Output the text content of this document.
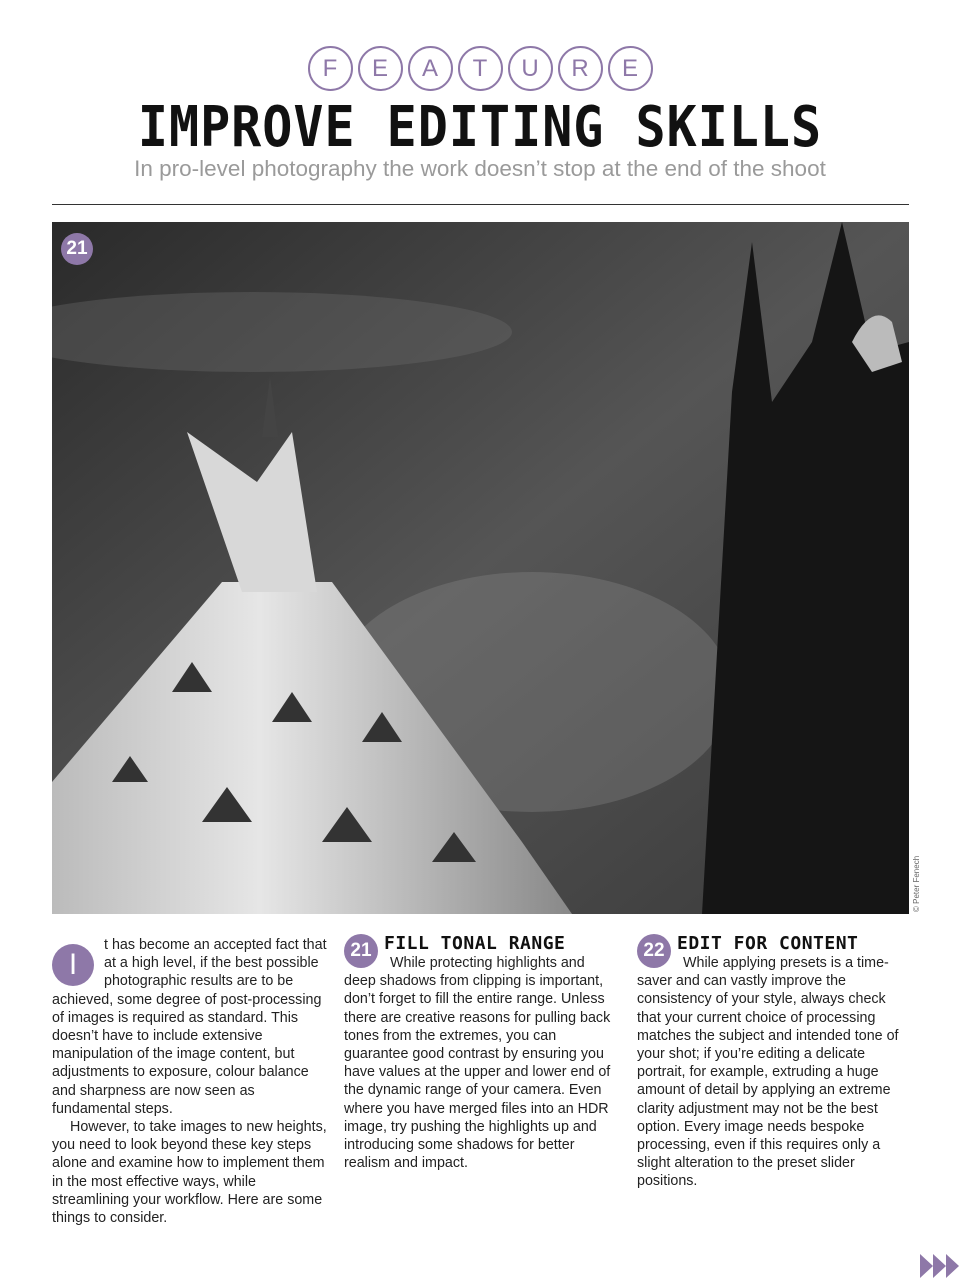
F	E	A	T	U	R	E
IMPROVE EDITING SKILLS
In pro-level photography the work doesn’t stop at the end of the shoot
21
© Peter Fenech
I

t has become an accepted fact that at a high level, if the best possible photographic results are to be achieved, some degree of post-processing of images is required as standard. This doesn’t have to include extensive manipulation of the image content, but adjustments to exposure, colour balance and sharpness are now seen as fundamental steps.

However, to take images to new heights, you need to look beyond these key steps alone and examine how to implement them in the most effective ways, while streamlining your workflow. Here are some things to consider.

21 FILL TONAL RANGE

While protecting highlights and deep shadows from clipping is important, don’t forget to fill the entire range. Unless there are creative reasons for pulling back tones from the extremes, you can guarantee good contrast by ensuring you have values at the upper and lower end of the dynamic range of your camera. Even where you have merged files into an HDR image, try pushing the highlights up and introducing some shadows for better realism and impact.

22 EDIT FOR CONTENT

While applying presets is a time-saver and can vastly improve the consistency of your style, always check that your current choice of processing matches the subject and intended tone of your shot; if you’re editing a delicate portrait, for example, extruding a huge amount of detail by applying an extreme clarity adjustment may not be the best option. Every image needs bespoke processing, even if this requires only a slight alteration to the preset slider positions.
